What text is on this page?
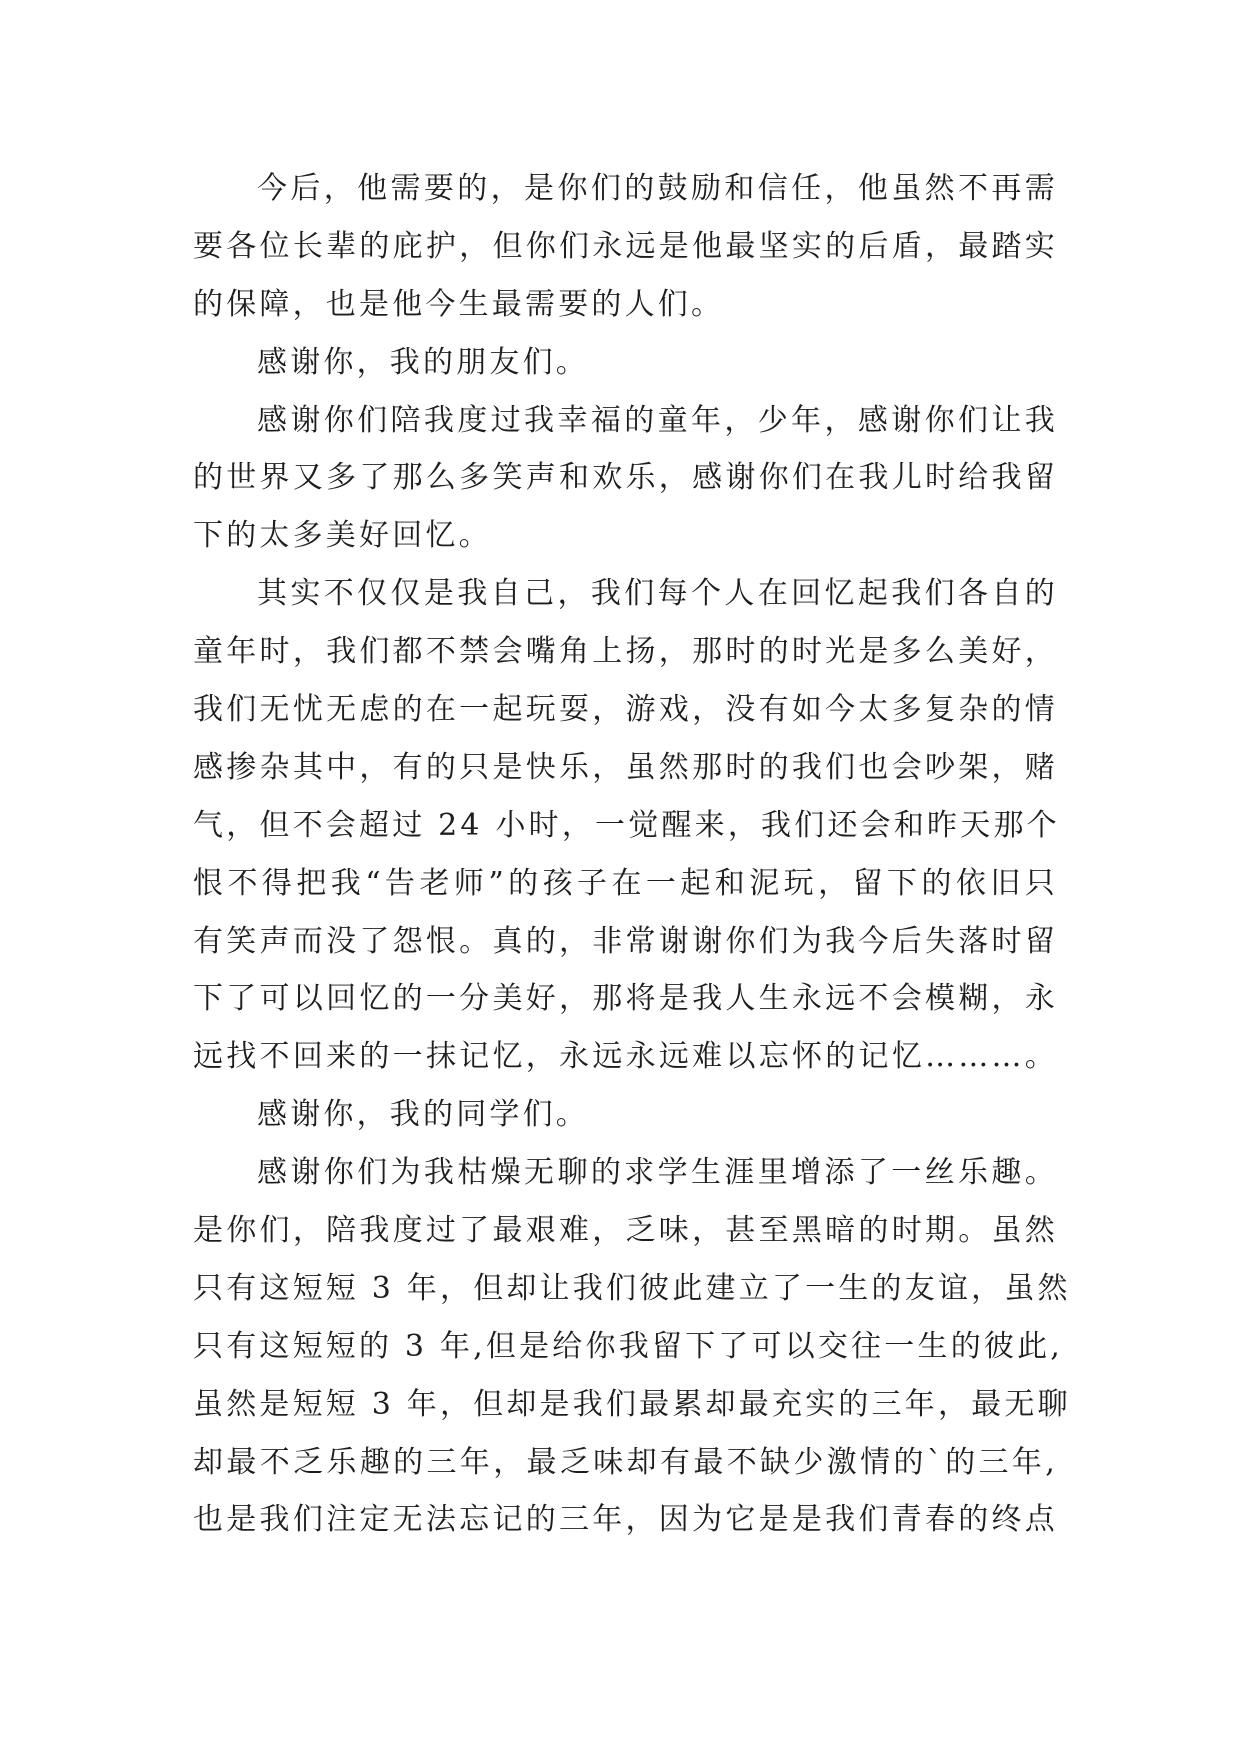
今后，他需要的，是你们的鼓励和信任，他虽然不再需
要各位长辈的庇护，但你们永远是他最坚实的后盾，最踏实
的保障，也是他今生最需要的人们。
感谢你，我的朋友们。
感谢你们陪我度过我幸福的童年，少年，感谢你们让我
的世界又多了那么多笑声和欢乐，感谢你们在我儿时给我留
下的太多美好回忆。
其实不仅仅是我自己，我们每个人在回忆起我们各自的
童年时，我们都不禁会嘴角上扬，那时的时光是多么美好，
我们无忧无虑的在一起玩耍，游戏，没有如今太多复杂的情
感掺杂其中，有的只是快乐，虽然那时的我们也会吵架，赌
气，但不会超过 24 小时，一觉醒来，我们还会和昨天那个
恨不得把我“告老师”的孩子在一起和泥玩，留下的依旧只
有笑声而没了怨恨。真的，非常谢谢你们为我今后失落时留
下了可以回忆的一分美好，那将是我人生永远不会模糊，永
远找不回来的一抹记忆，永远永远难以忘怀的记忆………。
感谢你，我的同学们。
感谢你们为我枯燥无聊的求学生涯里增添了一丝乐趣。
是你们，陪我度过了最艰难，乏味，甚至黑暗的时期。虽然
只有这短短 3 年，但却让我们彼此建立了一生的友谊，虽然
只有这短短的 3 年,但是给你我留下了可以交往一生的彼此,
虽然是短短 3 年，但却是我们最累却最充实的三年，最无聊
却最不乏乐趣的三年，最乏味却有最不缺少激情的`的三年,
也是我们注定无法忘记的三年，因为它是是我们青春的终点
